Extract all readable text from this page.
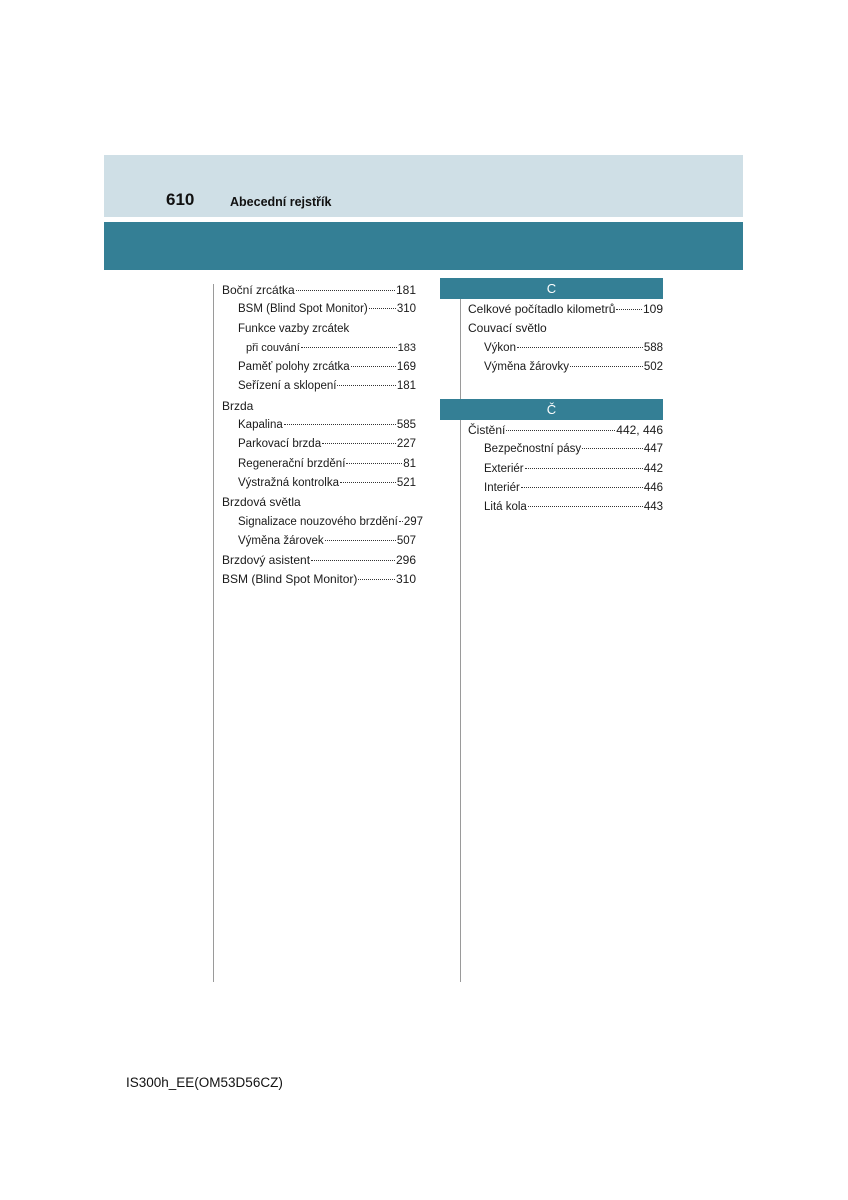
610	Abecední rejstřík
Boční zrcátka	181
BSM (Blind Spot Monitor)	310
Funkce vazby zrcátek
při couvání	183
Paměť polohy zrcátka	169
Seřízení a sklopení	181
Brzda
Kapalina	585
Parkovací brzda	227
Regenerační brzdění	81
Výstražná kontrolka	521
Brzdová světla
Signalizace nouzového brzdění 297
Výměna žárovek	507
Brzdový asistent	296
BSM (Blind Spot Monitor)	310
C
Celkové počítadlo kilometrů 109
Couvací světlo
Výkon	588
Výměna žárovky	502
Č
Čistění	442, 446
Bezpečnostní pásy	447
Exteriér	442
Interiér	446
Litá kola	443
IS300h_EE(OM53D56CZ)
